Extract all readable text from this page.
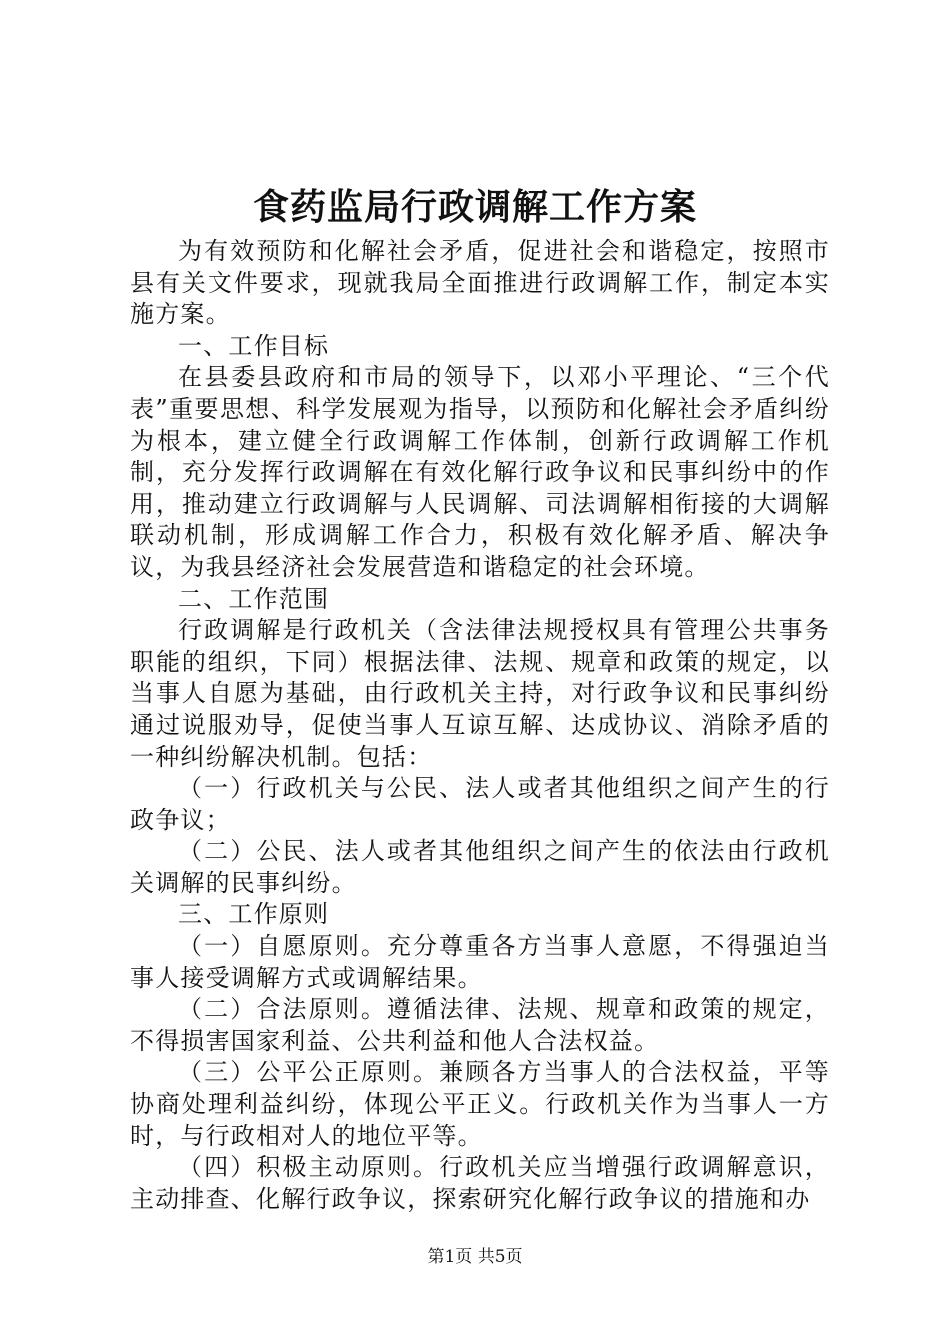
食药监局行政调解工作方案

为有效预防和化解社会矛盾，促进社会和谐稳定，按照市县有关文件要求，现就我局全面推进行政调解工作，制定本实施方案。

一、工作目标

在县委县政府和市局的领导下，以邓小平理论、“三个代表”重要思想、科学发展观为指导，以预防和化解社会矛盾纠纷为根本，建立健全行政调解工作体制，创新行政调解工作机制，充分发挥行政调解在有效化解行政争议和民事纠纷中的作用，推动建立行政调解与人民调解、司法调解相衔接的大调解联动机制，形成调解工作合力，积极有效化解矛盾、解决争议，为我县经济社会发展营造和谐稳定的社会环境。

二、工作范围

行政调解是行政机关（含法律法规授权具有管理公共事务职能的组织，下同）根据法律、法规、规章和政策的规定，以当事人自愿为基础，由行政机关主持，对行政争议和民事纠纷通过说服劝导，促使当事人互谅互解、达成协议、消除矛盾的一种纠纷解决机制。包括：

（一）行政机关与公民、法人或者其他组织之间产生的行政争议；

（二）公民、法人或者其他组织之间产生的依法由行政机关调解的民事纠纷。

三、工作原则

（一）自愿原则。充分尊重各方当事人意愿，不得强迫当事人接受调解方式或调解结果。

（二）合法原则。遵循法律、法规、规章和政策的规定，不得损害国家利益、公共利益和他人合法权益。

（三）公平公正原则。兼顾各方当事人的合法权益，平等协商处理利益纠纷，体现公平正义。行政机关作为当事人一方时，与行政相对人的地位平等。

（四）积极主动原则。行政机关应当增强行政调解意识，主动排查、化解行政争议，探索研究化解行政争议的措施和办

第1页 共5页
